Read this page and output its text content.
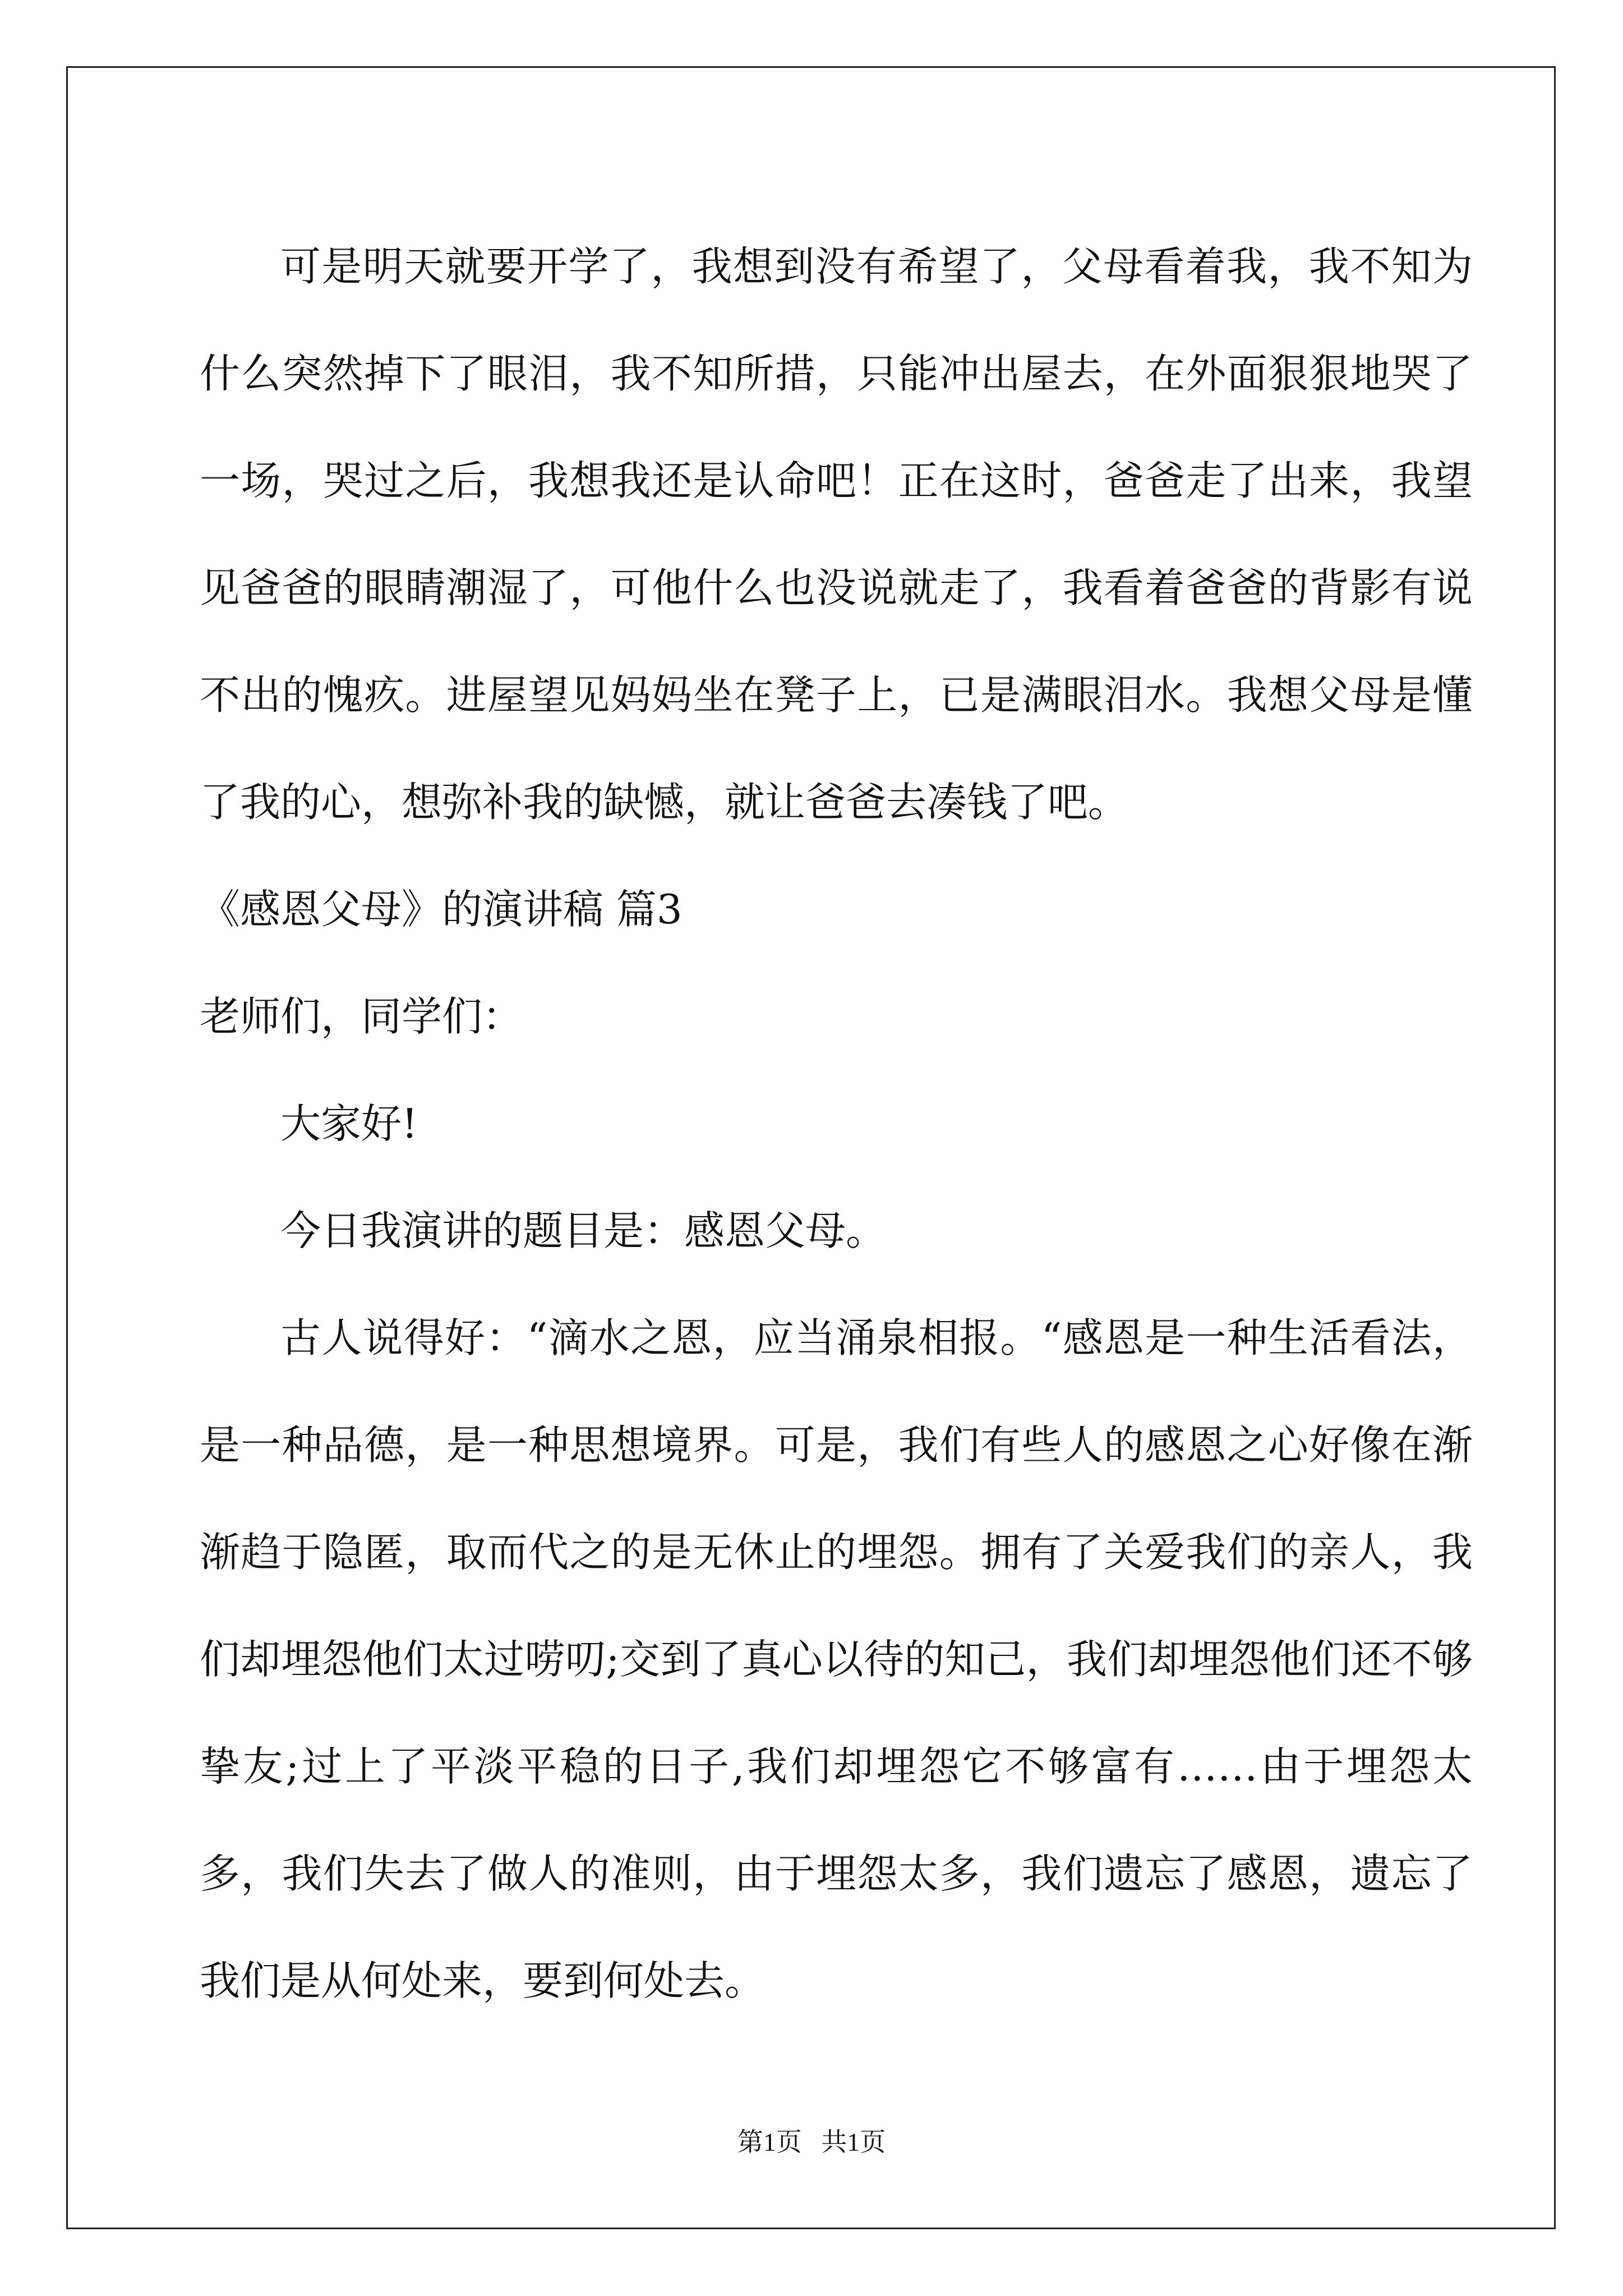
可是明天就要开学了，我想到没有希望了，父母看着我，我不知为什么突然掉下了眼泪，我不知所措，只能冲出屋去，在外面狠狠地哭了一场，哭过之后，我想我还是认命吧！正在这时，爸爸走了出来，我望见爸爸的眼睛潮湿了，可他什么也没说就走了，我看着爸爸的背影有说不出的愧疚。进屋望见妈妈坐在凳子上，已是满眼泪水。我想父母是懂了我的心，想弥补我的缺憾，就让爸爸去凑钱了吧。

《感恩父母》的演讲稿 篇3

老师们，同学们：

大家好!

今日我演讲的题目是：感恩父母。

古人说得好：“滴水之恩，应当涌泉相报。“感恩是一种生活看法，是一种品德，是一种思想境界。可是，我们有些人的感恩之心好像在渐渐趋于隐匿，取而代之的是无休止的埋怨。拥有了关爱我们的亲人，我们却埋怨他们太过唠叨;交到了真心以待的知己，我们却埋怨他们还不够挚友;过上了平淡平稳的日子,我们却埋怨它不够富有……由于埋怨太多，我们失去了做人的准则，由于埋怨太多，我们遗忘了感恩，遗忘了我们是从何处来，要到何处去。

第1页 共1页
